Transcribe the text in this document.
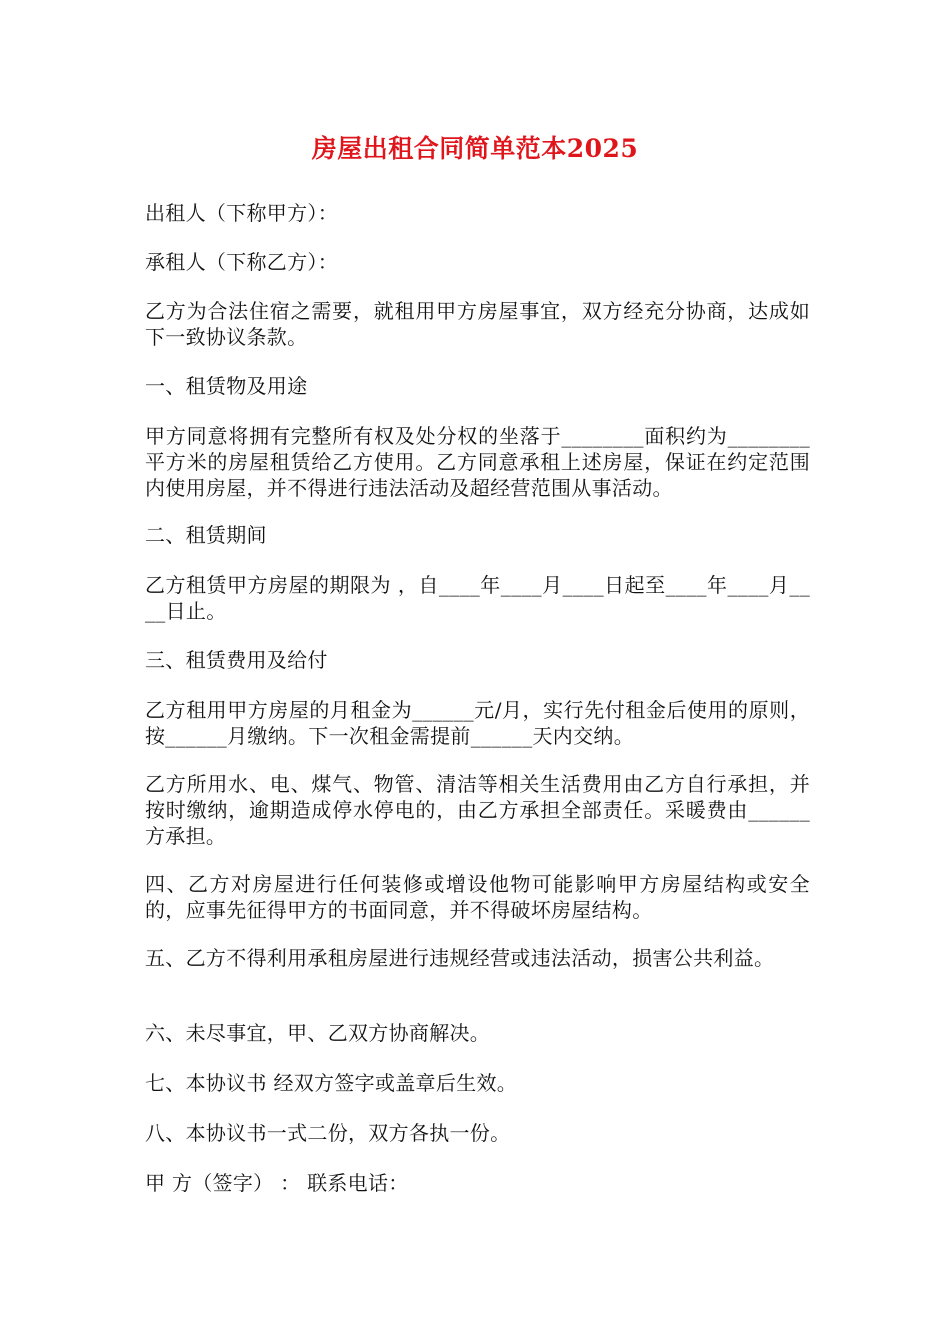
房屋出租合同简单范本2025
出租人（下称甲方）：
承租人（下称乙方）：
乙方为合法住宿之需要，就租用甲方房屋事宜，双方经充分协商，达成如下一致协议条款。
一、租赁物及用途
甲方同意将拥有完整所有权及处分权的坐落于________面积约为________平方米的房屋租赁给乙方使用。乙方同意承租上述房屋，保证在约定范围内使用房屋，并不得进行违法活动及超经营范围从事活动。
二、租赁期间
乙方租赁甲方房屋的期限为 ，自____年____月____日起至____年____月____日止。
三、租赁费用及给付
乙方租用甲方房屋的月租金为______元/月，实行先付租金后使用的原则，按______月缴纳。下一次租金需提前______天内交纳。
乙方所用水、电、煤气、物管、清洁等相关生活费用由乙方自行承担，并按时缴纳，逾期造成停水停电的，由乙方承担全部责任。采暖费由______方承担。
四、乙方对房屋进行任何装修或增设他物可能影响甲方房屋结构或安全的，应事先征得甲方的书面同意，并不得破坏房屋结构。
五、乙方不得利用承租房屋进行违规经营或违法活动，损害公共利益。
六、未尽事宜，甲、乙双方协商解决。
七、本协议书 经双方签字或盖章后生效。
八、本协议书一式二份，双方各执一份。
甲 方（签字） ： 联系电话：
